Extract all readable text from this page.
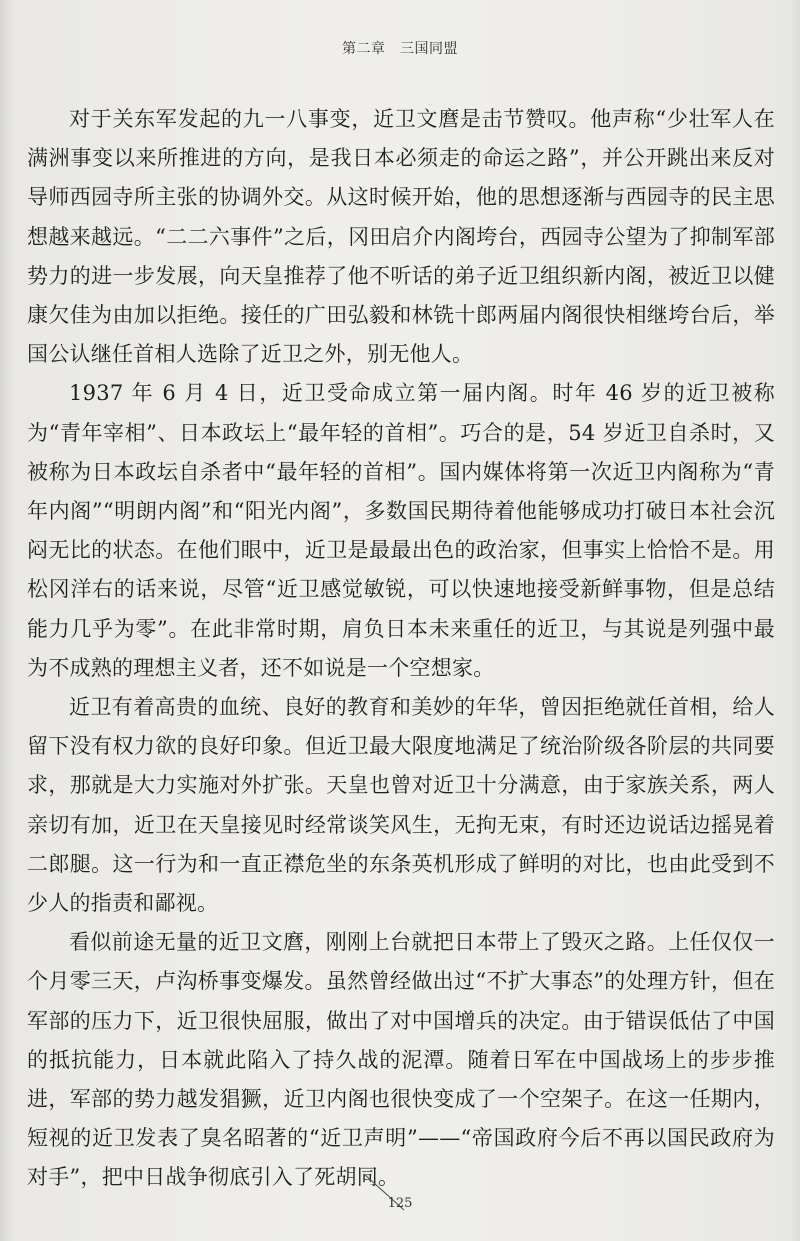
第二章　三国同盟

对于关东军发起的九一八事变，近卫文麿是击节赞叹。他声称“少壮军人在满洲事变以来所推进的方向，是我日本必须走的命运之路”，并公开跳出来反对导师西园寺所主张的协调外交。从这时候开始，他的思想逐渐与西园寺的民主思想越来越远。“二二六事件”之后，冈田启介内阁垮台，西园寺公望为了抑制军部势力的进一步发展，向天皇推荐了他不听话的弟子近卫组织新内阁，被近卫以健康欠佳为由加以拒绝。接任的广田弘毅和林铣十郎两届内阁很快相继垮台后，举国公认继任首相人选除了近卫之外，别无他人。

1937 年 6 月 4 日，近卫受命成立第一届内阁。时年 46 岁的近卫被称为“青年宰相”、日本政坛上“最年轻的首相”。巧合的是，54 岁近卫自杀时，又被称为日本政坛自杀者中“最年轻的首相”。国内媒体将第一次近卫内阁称为“青年内阁”“明朗内阁”和“阳光内阁”，多数国民期待着他能够成功打破日本社会沉闷无比的状态。在他们眼中，近卫是最最出色的政治家，但事实上恰恰不是。用松冈洋右的话来说，尽管“近卫感觉敏锐，可以快速地接受新鲜事物，但是总结能力几乎为零”。在此非常时期，肩负日本未来重任的近卫，与其说是列强中最为不成熟的理想主义者，还不如说是一个空想家。

近卫有着高贵的血统、良好的教育和美妙的年华，曾因拒绝就任首相，给人留下没有权力欲的良好印象。但近卫最大限度地满足了统治阶级各阶层的共同要求，那就是大力实施对外扩张。天皇也曾对近卫十分满意，由于家族关系，两人亲切有加，近卫在天皇接见时经常谈笑风生，无拘无束，有时还边说话边摇晃着二郎腿。这一行为和一直正襟危坐的东条英机形成了鲜明的对比，也由此受到不少人的指责和鄙视。

看似前途无量的近卫文麿，刚刚上台就把日本带上了毁灭之路。上任仅仅一个月零三天，卢沟桥事变爆发。虽然曾经做出过“不扩大事态”的处理方针，但在军部的压力下，近卫很快屈服，做出了对中国增兵的决定。由于错误低估了中国的抵抗能力，日本就此陷入了持久战的泥潭。随着日军在中国战场上的步步推进，军部的势力越发猖獗，近卫内阁也很快变成了一个空架子。在这一任期内，短视的近卫发表了臭名昭著的“近卫声明”——“帝国政府今后不再以国民政府为对手”，把中日战争彻底引入了死胡同。

125
